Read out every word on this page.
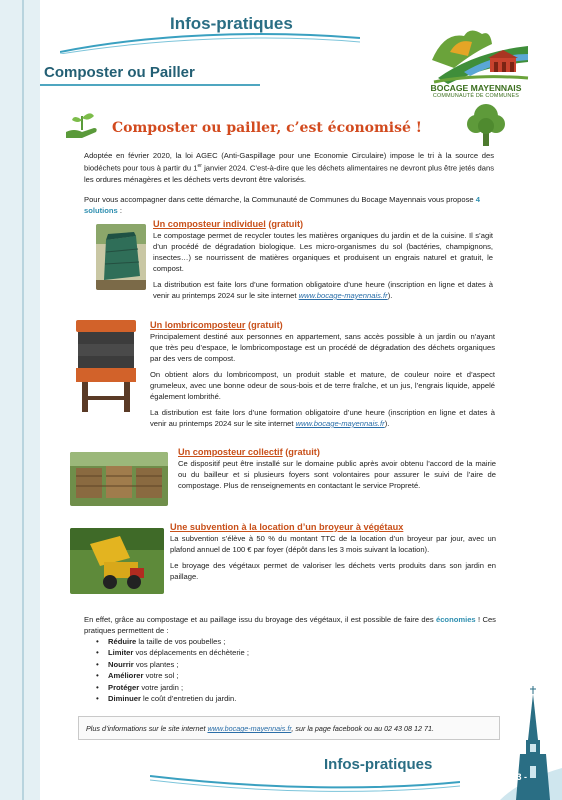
Infos-pratiques
Composter ou Pailler
BOCAGE MAYENNAIS
COMMUNAUTÉ DE COMMUNES
Composter ou pailler, c’est économisé !
Adoptée en février 2020, la loi AGEC (Anti-Gaspillage pour une Economie Circulaire) impose le tri à la source des biodéchets pour tous à partir du 1er janvier 2024. C’est-à-dire que les déchets alimentaires ne devront plus être jetés dans les ordures ménagères et les déchets verts devront être valorisés.
Pour vous accompagner dans cette démarche, la Communauté de Communes du Bocage Mayennais vous propose 4 solutions :
Un composteur individuel (gratuit)

Le compostage permet de recycler toutes les matières organiques du jardin et de la cuisine. Il s’agit d’un procédé de dégradation biologique. Les micro-organismes du sol (bactéries, champignons, insectes…) se nourrissent de matières organiques et produisent un engrais naturel et gratuit, le compost.

La distribution est faite lors d’une formation obligatoire d’une heure (inscription en ligne et dates à venir au printemps 2024 sur le site internet www.bocage-mayennais.fr).

Un lombricomposteur (gratuit)

Principalement destiné aux personnes en appartement, sans accès possible à un jardin ou n’ayant que très peu d’espace, le lombricompostage est un procédé de dégradation des déchets organiques par des vers de compost.

On obtient alors du lombricompost, un produit stable et mature, de couleur noire et d’aspect grumeleux, avec une bonne odeur de sous-bois et de terre fraîche, et un jus, l’engrais liquide, appelé également lombrithé.

La distribution est faite lors d’une formation obligatoire d’une heure (inscription en ligne et dates à venir au printemps 2024 sur le site internet www.bocage-mayennais.fr).

Un composteur collectif (gratuit)

Ce dispositif peut être installé sur le domaine public après avoir obtenu l’accord de la mairie ou du bailleur et si plusieurs foyers sont volontaires pour assurer le suivi de l’aire de compostage. Plus de renseignements en contactant le service Propreté.

Une subvention à la location d’un broyeur à végétaux

La subvention s’élève à 50 % du montant TTC de la location d’un broyeur par jour, avec un plafond annuel de 100 € par foyer (dépôt dans les 3 mois suivant la location).

Le broyage des végétaux permet de valoriser les déchets verts produits dans son jardin en paillage.

En effet, grâce au compostage et au paillage issu du broyage des végétaux, il est possible de faire des économies ! Ces pratiques permettent de :
• Réduire la taille de vos poubelles ;
• Limiter vos déplacements en déchèterie ;
• Nourrir vos plantes ;
• Améliorer votre sol ;
• Protéger votre jardin ;
• Diminuer le coût d’entretien du jardin.
Plus d’informations sur le site internet www.bocage-mayennais.fr, sur la page facebook ou au 02 43 08 12 71.
Infos-pratiques
- 53 -
